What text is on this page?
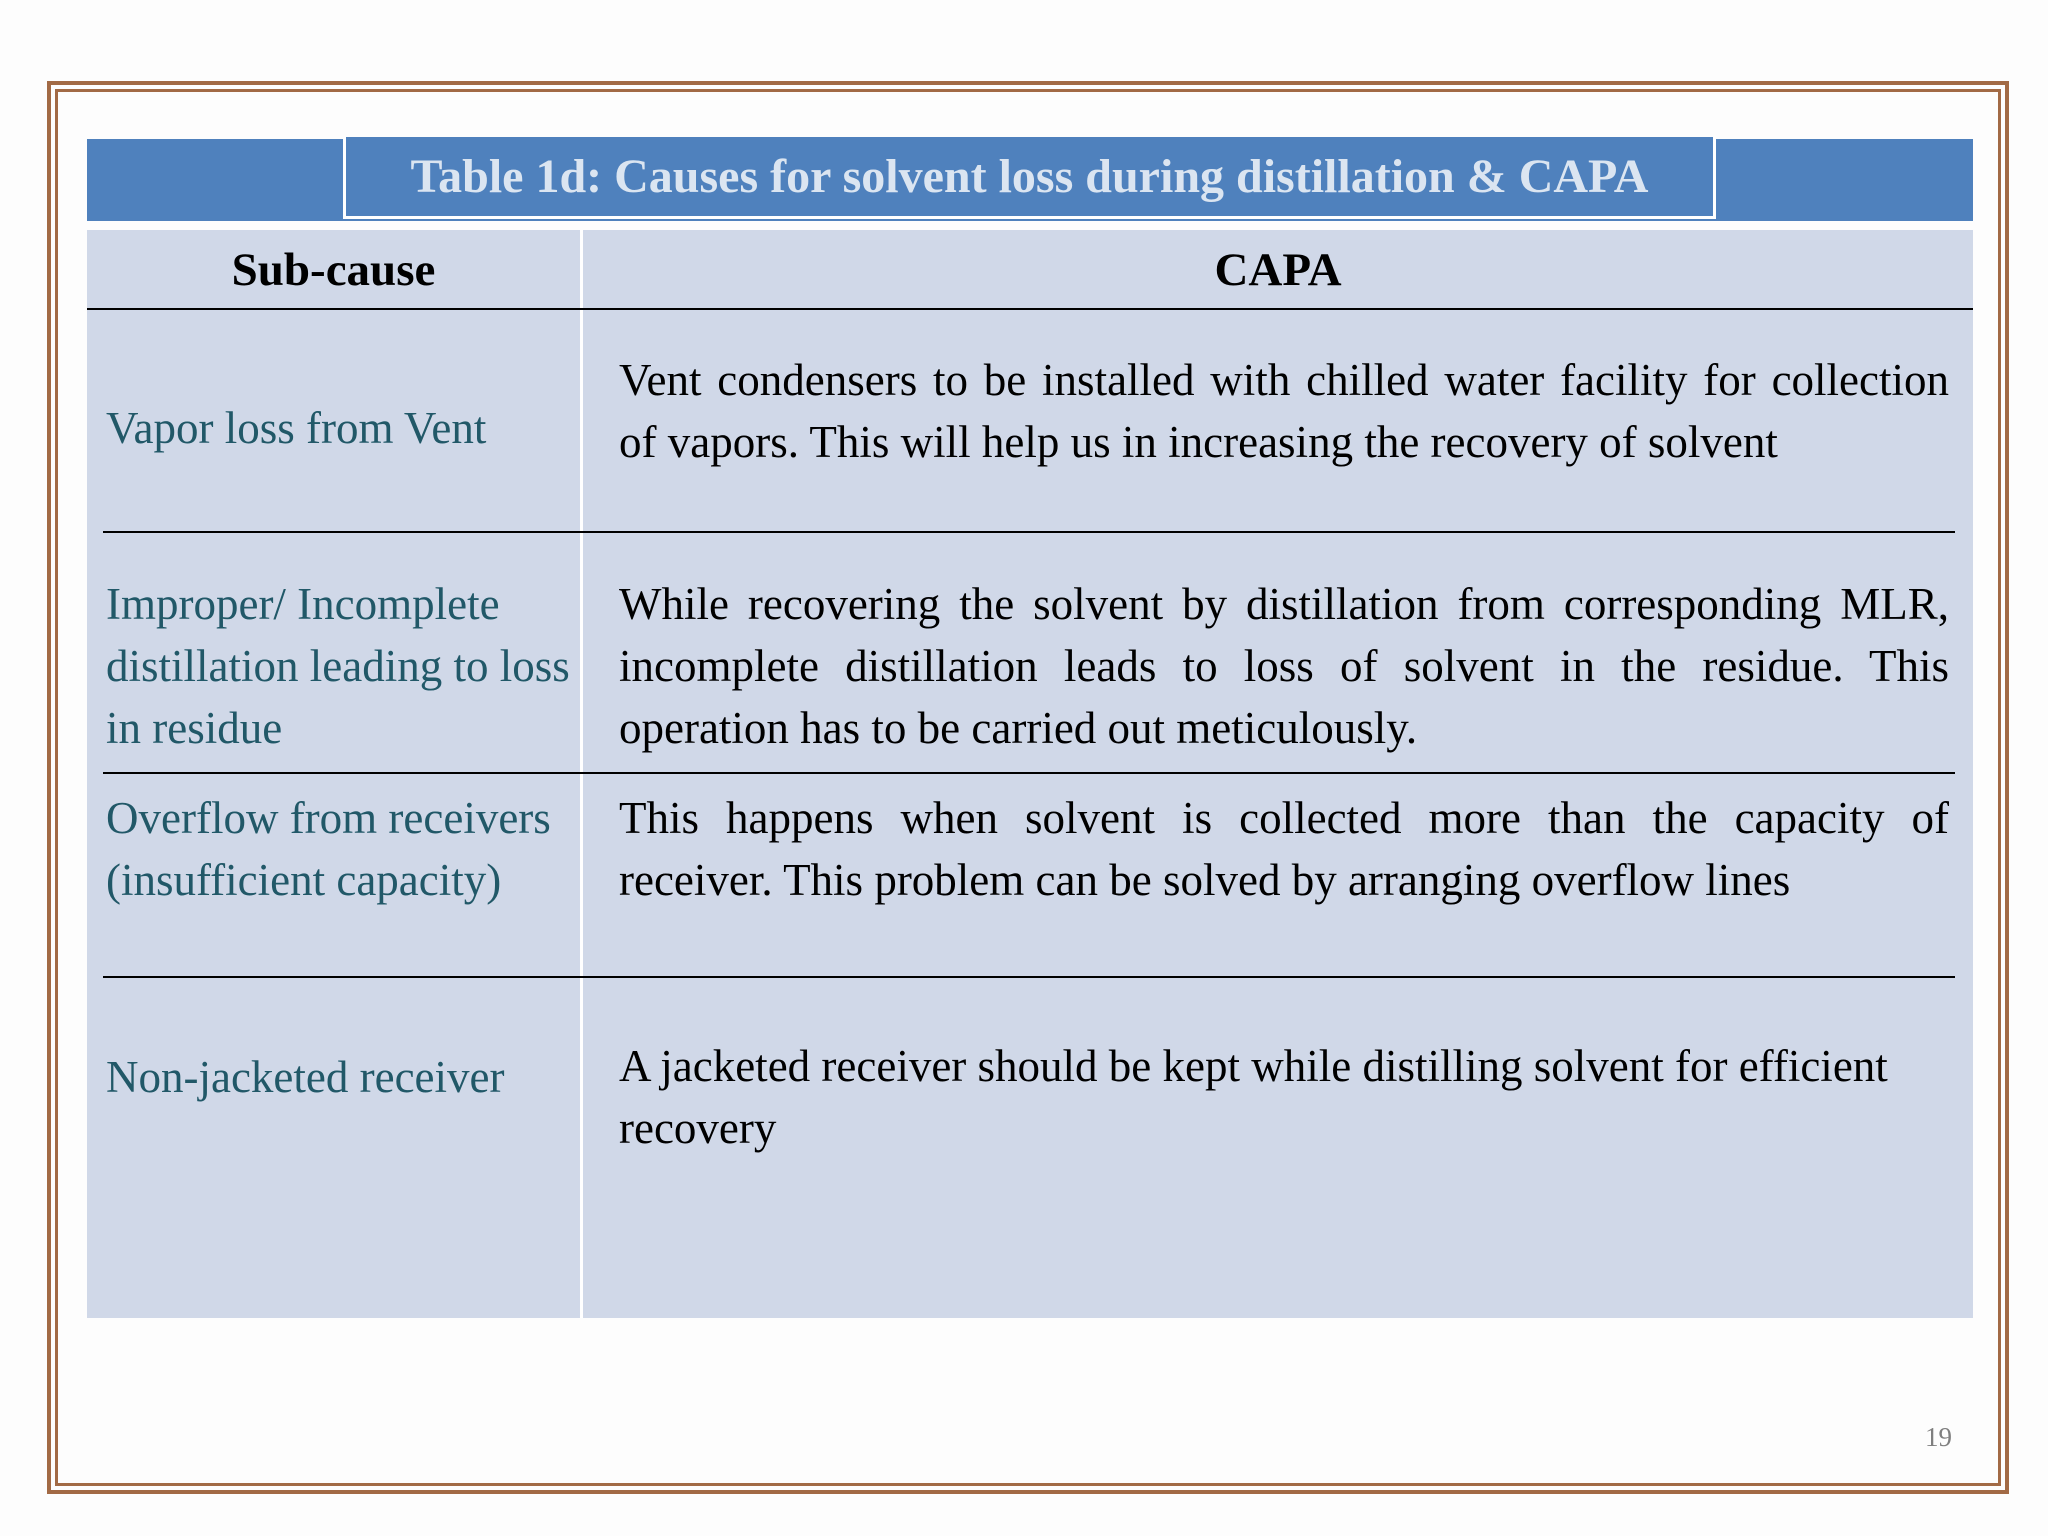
Table 1d: Causes for solvent loss during distillation & CAPA
Sub-cause	CAPA
Vapor loss from Vent
Vent condensers to be installed with chilled water facility for collection of vapors. This will help us in increasing the recovery of solvent
Improper/ Incomplete distillation leading to loss in residue
While recovering the solvent by distillation from corresponding MLR, incomplete distillation leads to loss of solvent in the residue. This operation has to be carried out meticulously.
Overflow from receivers (insufficient capacity)
This happens when solvent is collected more than the capacity of receiver. This problem can be solved by arranging overflow lines
Non-jacketed receiver	A jacketed receiver should be kept while distilling solvent for efficient recovery
19
